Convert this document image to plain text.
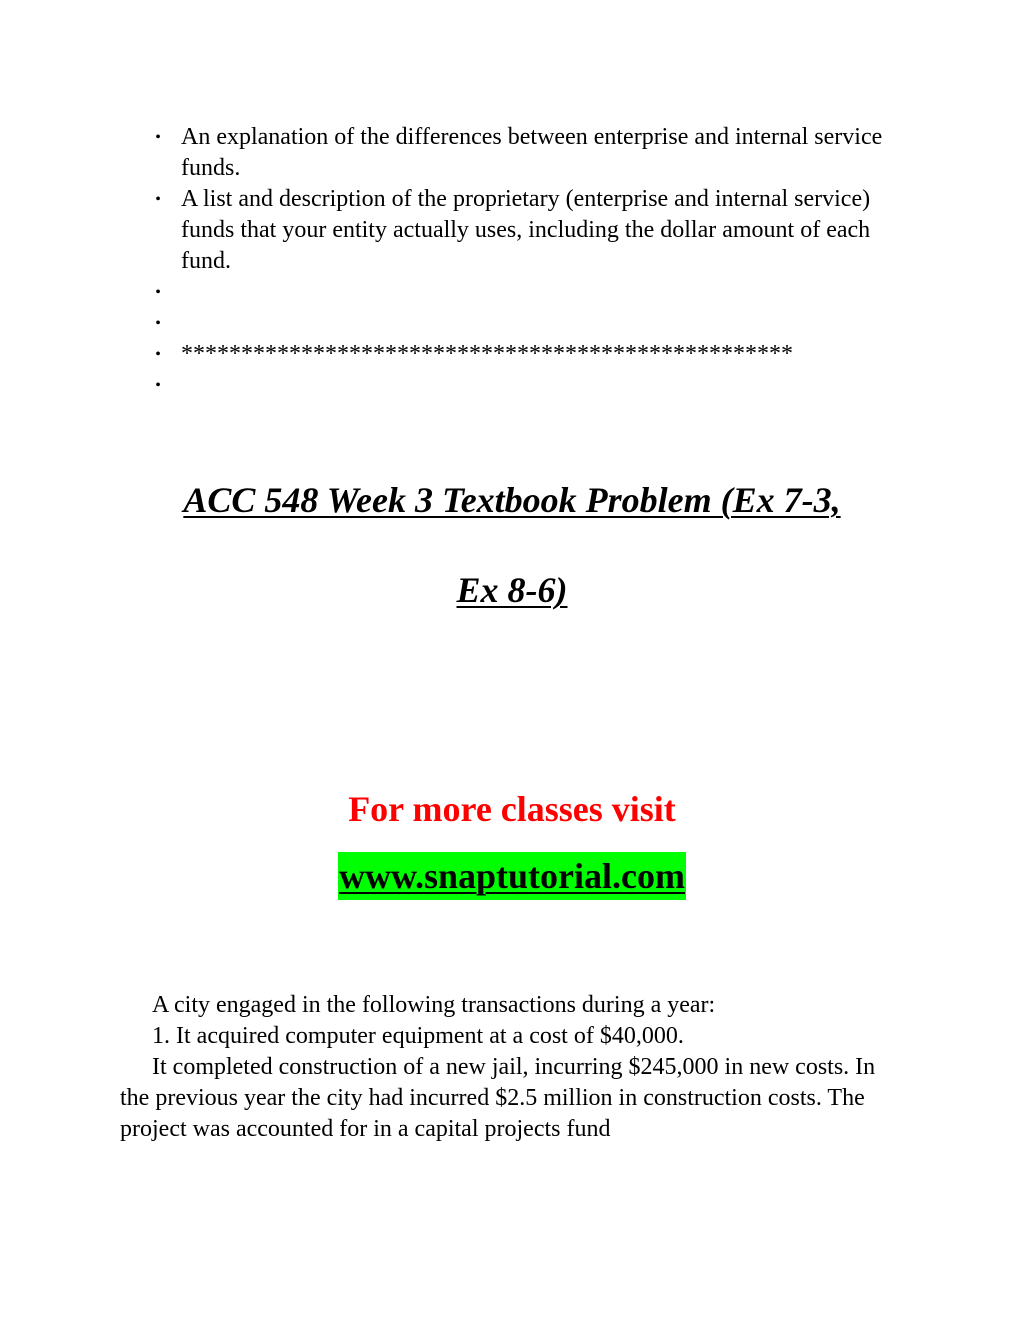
• An explanation of the differences between enterprise and internal service funds.
• A list and description of the proprietary (enterprise and internal service) funds that your entity actually uses, including the dollar amount of each fund.
•
•
• ***************************************************
•
ACC 548 Week 3 Textbook Problem (Ex 7-3,
Ex 8-6)
For more classes visit
www.snaptutorial.com

A city engaged in the following transactions during a year:

1. It acquired computer equipment at a cost of $40,000.

It completed construction of a new jail, incurring $245,000 in new costs. In the previous year the city had incurred $2.5 million in construction costs. The project was accounted for in a capital projects fund
